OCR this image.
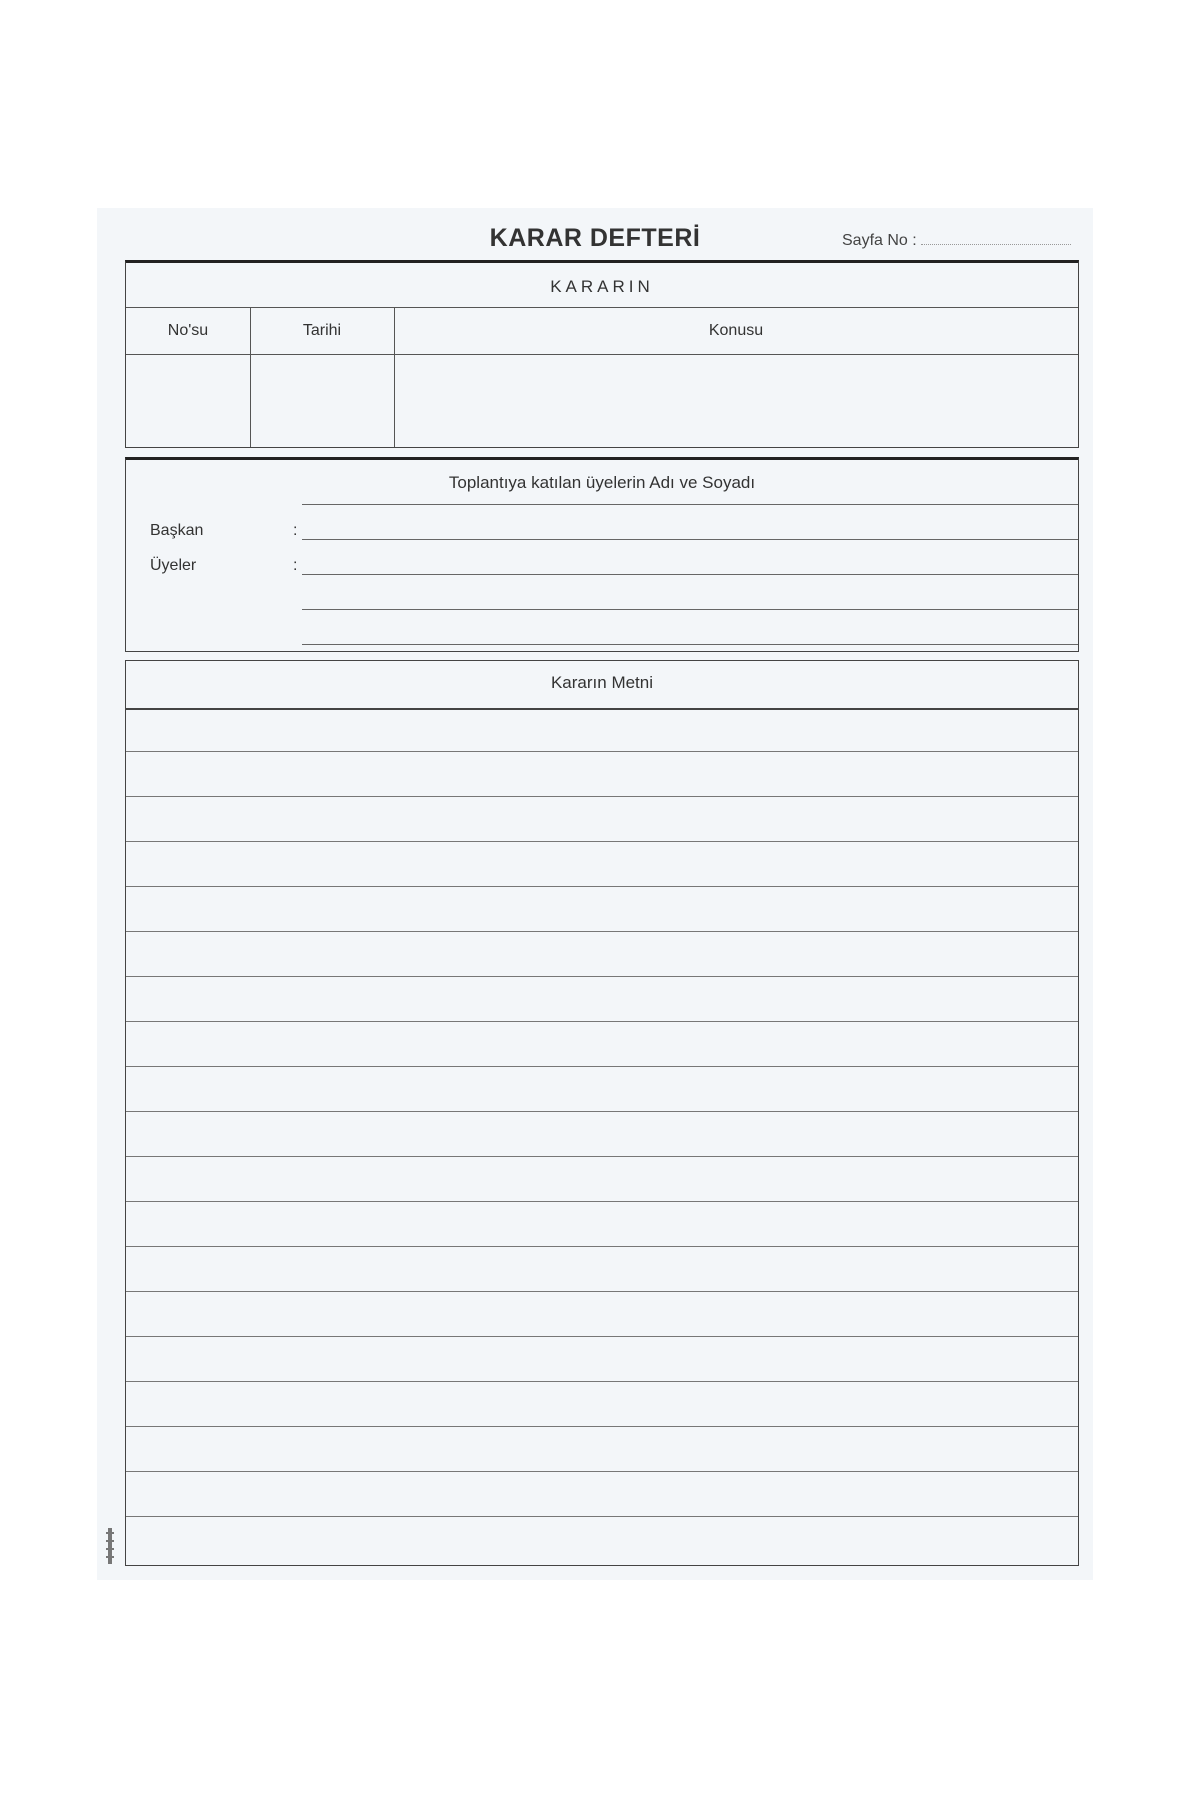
KARAR DEFTERİ	Sayfa No :
KARARIN
No'su	Tarihi	Konusu
Toplantıya katılan üyelerin Adı ve Soyadı
Başkan	:
Üyeler	:
Kararın Metni
